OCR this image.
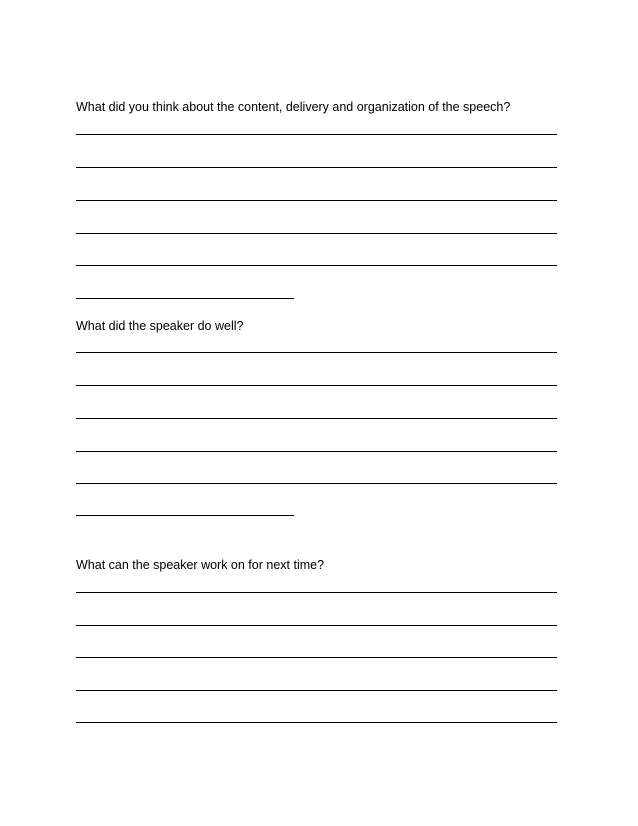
What did you think about the content, delivery and organization of the speech?
What did the speaker do well?
What can the speaker work on for next time?
